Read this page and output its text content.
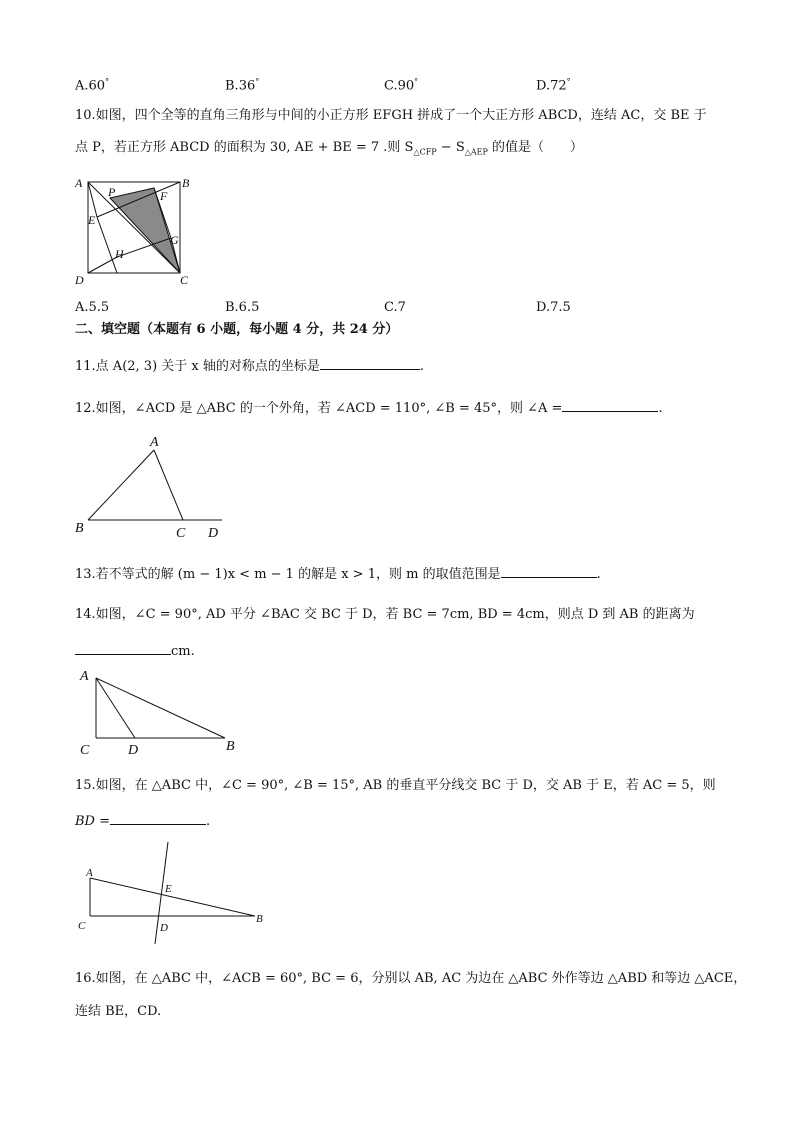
A.60°	B.36°	C.90°	D.72°
10.如图，四个全等的直角三角形与中间的小正方形 EFGH 拼成了一个大正方形 ABCD，连结 AC，交 BE 于
点 P，若正方形 ABCD 的面积为 30, AE + BE = 7 .则 $S_{\triangle CFP} - S_{\triangle AEP}$ 的值是（　　）
A	B
C
D
E
F
G
H
P
A.5.5	B.6.5	C.7	D.7.5
二、填空题（本题有 6 小题，每小题 4 分，共 24 分）
11.点 A(2, 3) 关于 x 轴的对称点的坐标是	.
12.如图，∠ACD 是 △ABC 的一个外角，若 ∠ACD = 110°, ∠B = 45°，则 ∠A =	.
A
B	C D
13.若不等式的解 (m − 1)x < m − 1 的解是 x > 1，则 m 的取值范围是	.
14.如图，∠C = 90°, AD 平分 ∠BAC 交 BC 于 D，若 BC = 7cm, BD = 4cm，则点 D 到 AB 的距离为
cm.
A
C	D	B
15.如图，在 △ABC 中，∠C = 90°, ∠B = 15°, AB 的垂直平分线交 BC 于 D，交 AB 于 E，若 AC = 5，则
BD =	.
A
C
E
D
B
16.如图，在 △ABC 中，∠ACB = 60°, BC = 6，分别以 AB, AC 为边在 △ABC 外作等边 △ABD 和等边 △ACE，
连结 BE，CD.
